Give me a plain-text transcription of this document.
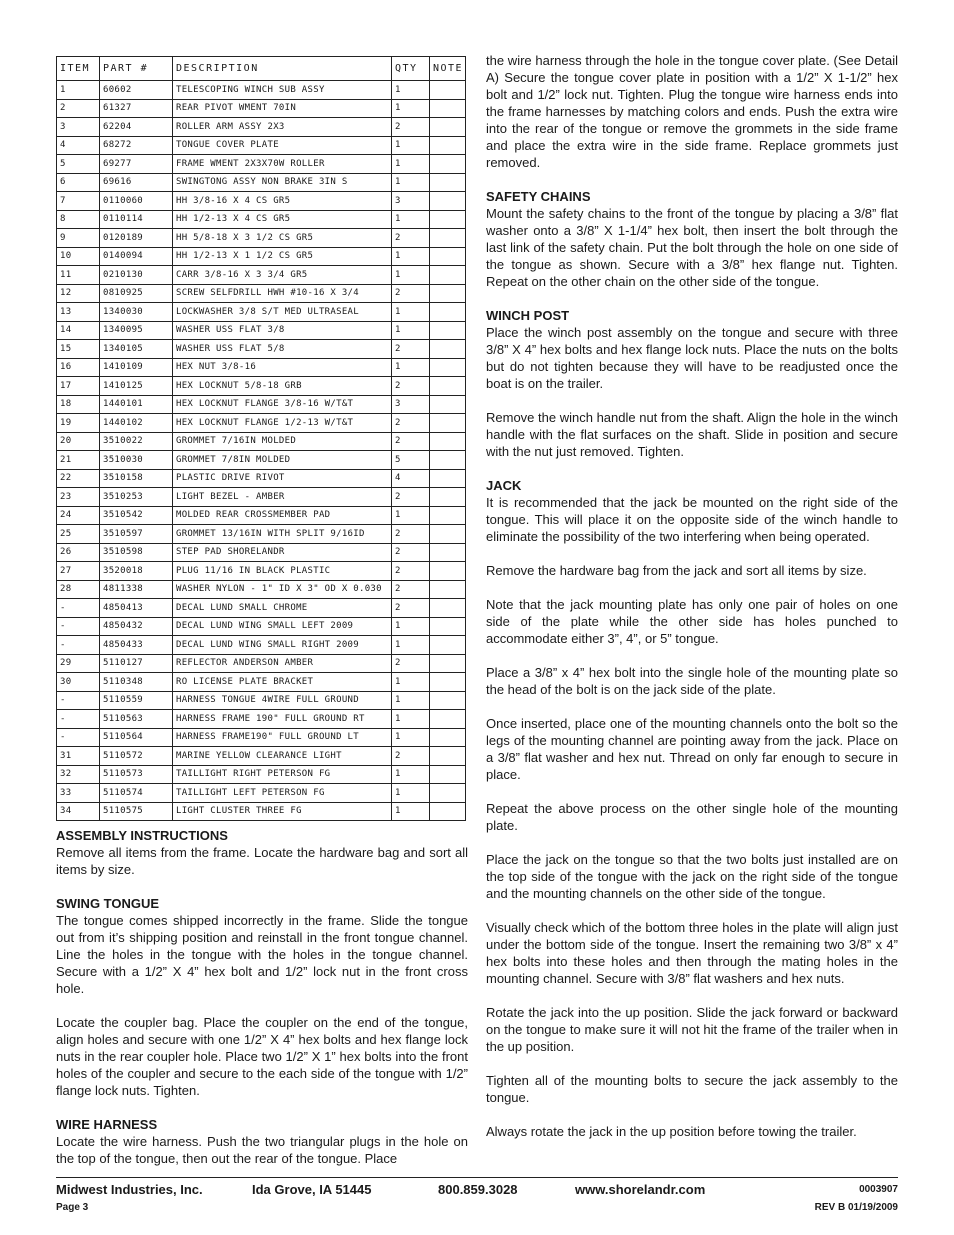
ITEM	PART #	DESCRIPTION	QTY	NOTE
1	60602	TELESCOPING WINCH SUB ASSY	1	
2	61327	REAR PIVOT WMENT 70IN	1	
3	62204	ROLLER ARM ASSY 2X3	2	
4	68272	TONGUE COVER PLATE	1	
5	69277	FRAME WMENT 2X3X70W ROLLER	1	
6	69616	SWINGTONG ASSY NON BRAKE 3IN S	1	
7	0110060	HH 3/8-16 X 4 CS GR5	3	
8	0110114	HH 1/2-13 X 4 CS GR5	1	
9	0120189	HH 5/8-18 X 3 1/2 CS GR5	2	
10	0140094	HH 1/2-13 X 1 1/2 CS GR5	1	
11	0210130	CARR 3/8-16 X 3 3/4 GR5	1	
12	0810925	SCREW SELFDRILL HWH #10-16 X 3/4	2	
13	1340030	LOCKWASHER 3/8 S/T MED ULTRASEAL	1	
14	1340095	WASHER USS FLAT 3/8	1	
15	1340105	WASHER USS FLAT 5/8	2	
16	1410109	HEX NUT 3/8-16	1	
17	1410125	HEX LOCKNUT 5/8-18 GRB	2	
18	1440101	HEX LOCKNUT FLANGE 3/8-16 W/T&T	3	
19	1440102	HEX LOCKNUT FLANGE 1/2-13 W/T&T	2	
20	3510022	GROMMET 7/16IN MOLDED	2	
21	3510030	GROMMET 7/8IN MOLDED	5	
22	3510158	PLASTIC DRIVE RIVOT	4	
23	3510253	LIGHT BEZEL - AMBER	2	
24	3510542	MOLDED REAR CROSSMEMBER PAD	1	
25	3510597	GROMMET 13/16IN WITH SPLIT 9/16ID	2	
26	3510598	STEP PAD SHORELANDR	2	
27	3520018	PLUG 11/16 IN BLACK PLASTIC	2	
28	4811338	WASHER NYLON - 1" ID X 3" OD X 0.030	2	
-	4850413	DECAL LUND SMALL CHROME	2	
-	4850432	DECAL LUND WING SMALL LEFT 2009	1	
-	4850433	DECAL LUND WING SMALL RIGHT 2009	1	
29	5110127	REFLECTOR ANDERSON AMBER	2	
30	5110348	RO LICENSE PLATE BRACKET	1	
-	5110559	HARNESS TONGUE 4WIRE FULL GROUND	1	
-	5110563	HARNESS FRAME 190" FULL GROUND RT	1	
-	5110564	HARNESS FRAME190" FULL GROUND LT	1	
31	5110572	MARINE YELLOW CLEARANCE LIGHT	2	
32	5110573	TAILLIGHT RIGHT PETERSON FG	1	
33	5110574	TAILLIGHT LEFT PETERSON FG	1	
34	5110575	LIGHT CLUSTER THREE FG	1	
ASSEMBLY INSTRUCTIONS

Remove all items from the frame. Locate the hardware bag and sort all items by size.

SWING TONGUE

The tongue comes shipped incorrectly in the frame. Slide the tongue out from it’s shipping position and reinstall in the front tongue channel. Line the holes in the tongue with the holes in the tongue channel. Secure with a 1/2” X 4” hex bolt and 1/2” lock nut in the front cross hole.

Locate the coupler bag. Place the coupler on the end of the tongue, align holes and secure with one 1/2” X 4” hex bolts and hex flange lock nuts in the rear coupler hole. Place two 1/2” X 1” hex bolts into the front holes of the coupler and secure to the each side of the tongue with 1/2” flange lock nuts. Tighten.

WIRE HARNESS

Locate the wire harness. Push the two triangular plugs in the hole on the top of the tongue, then out the rear of the tongue. Place

the wire harness through the hole in the tongue cover plate. (See Detail A) Secure the tongue cover plate in position with a 1/2” X 1-1/2” hex bolt and 1/2” lock nut. Tighten. Plug the tongue wire harness ends into the frame harnesses by matching colors and ends. Push the extra wire into the rear of the tongue or remove the grommets in the side frame and place the extra wire in the side frame. Replace grommets just removed.

SAFETY CHAINS

Mount the safety chains to the front of the tongue by placing a 3/8” flat washer onto a 3/8” X 1-1/4” hex bolt, then insert the bolt through the last link of the safety chain. Put the bolt through the hole on one side of the tongue as shown. Secure with a 3/8” hex flange nut. Tighten. Repeat on the other chain on the other side of the tongue.

WINCH POST

Place the winch post assembly on the tongue and secure with three 3/8” X 4” hex bolts and hex flange lock nuts. Place the nuts on the bolts but do not tighten because they will have to be readjusted once the boat is on the trailer.

Remove the winch handle nut from the shaft. Align the hole in the winch handle with the flat surfaces on the shaft. Slide in position and secure with the nut just removed. Tighten.

JACK

It is recommended that the jack be mounted on the right side of the tongue. This will place it on the opposite side of the winch handle to eliminate the possibility of the two interfering when being operated.

Remove the hardware bag from the jack and sort all items by size.

Note that the jack mounting plate has only one pair of holes on one side of the plate while the other side has holes punched to accommodate either 3”, 4”, or 5” tongue.

Place a 3/8” x 4” hex bolt into the single hole of the mounting plate so the head of the bolt is on the jack side of the plate.

Once inserted, place one of the mounting channels onto the bolt so the legs of the mounting channel are pointing away from the jack. Place on a 3/8” flat washer and hex nut. Thread on only far enough to secure in place.

Repeat the above process on the other single hole of the mounting plate.

Place the jack on the tongue so that the two bolts just installed are on the top side of the tongue with the jack on the right side of the tongue and the mounting channels on the other side of the tongue.

Visually check which of the bottom three holes in the plate will align just under the bottom side of the tongue. Insert the remaining two 3/8” x 4” hex bolts into these holes and then through the mating holes in the mounting channel. Secure with 3/8” flat washers and hex nuts.

Rotate the jack into the up position. Slide the jack forward or backward on the tongue to make sure it will not hit the frame of the trailer when in the up position.

Tighten all of the mounting bolts to secure the jack assembly to the tongue.

Always rotate the jack in the up position before towing the trailer.

Midwest Industries, Inc.	Ida Grove, IA 51445	800.859.3028	www.shorelandr.com	0003907
Page 3	REV B 01/19/2009
